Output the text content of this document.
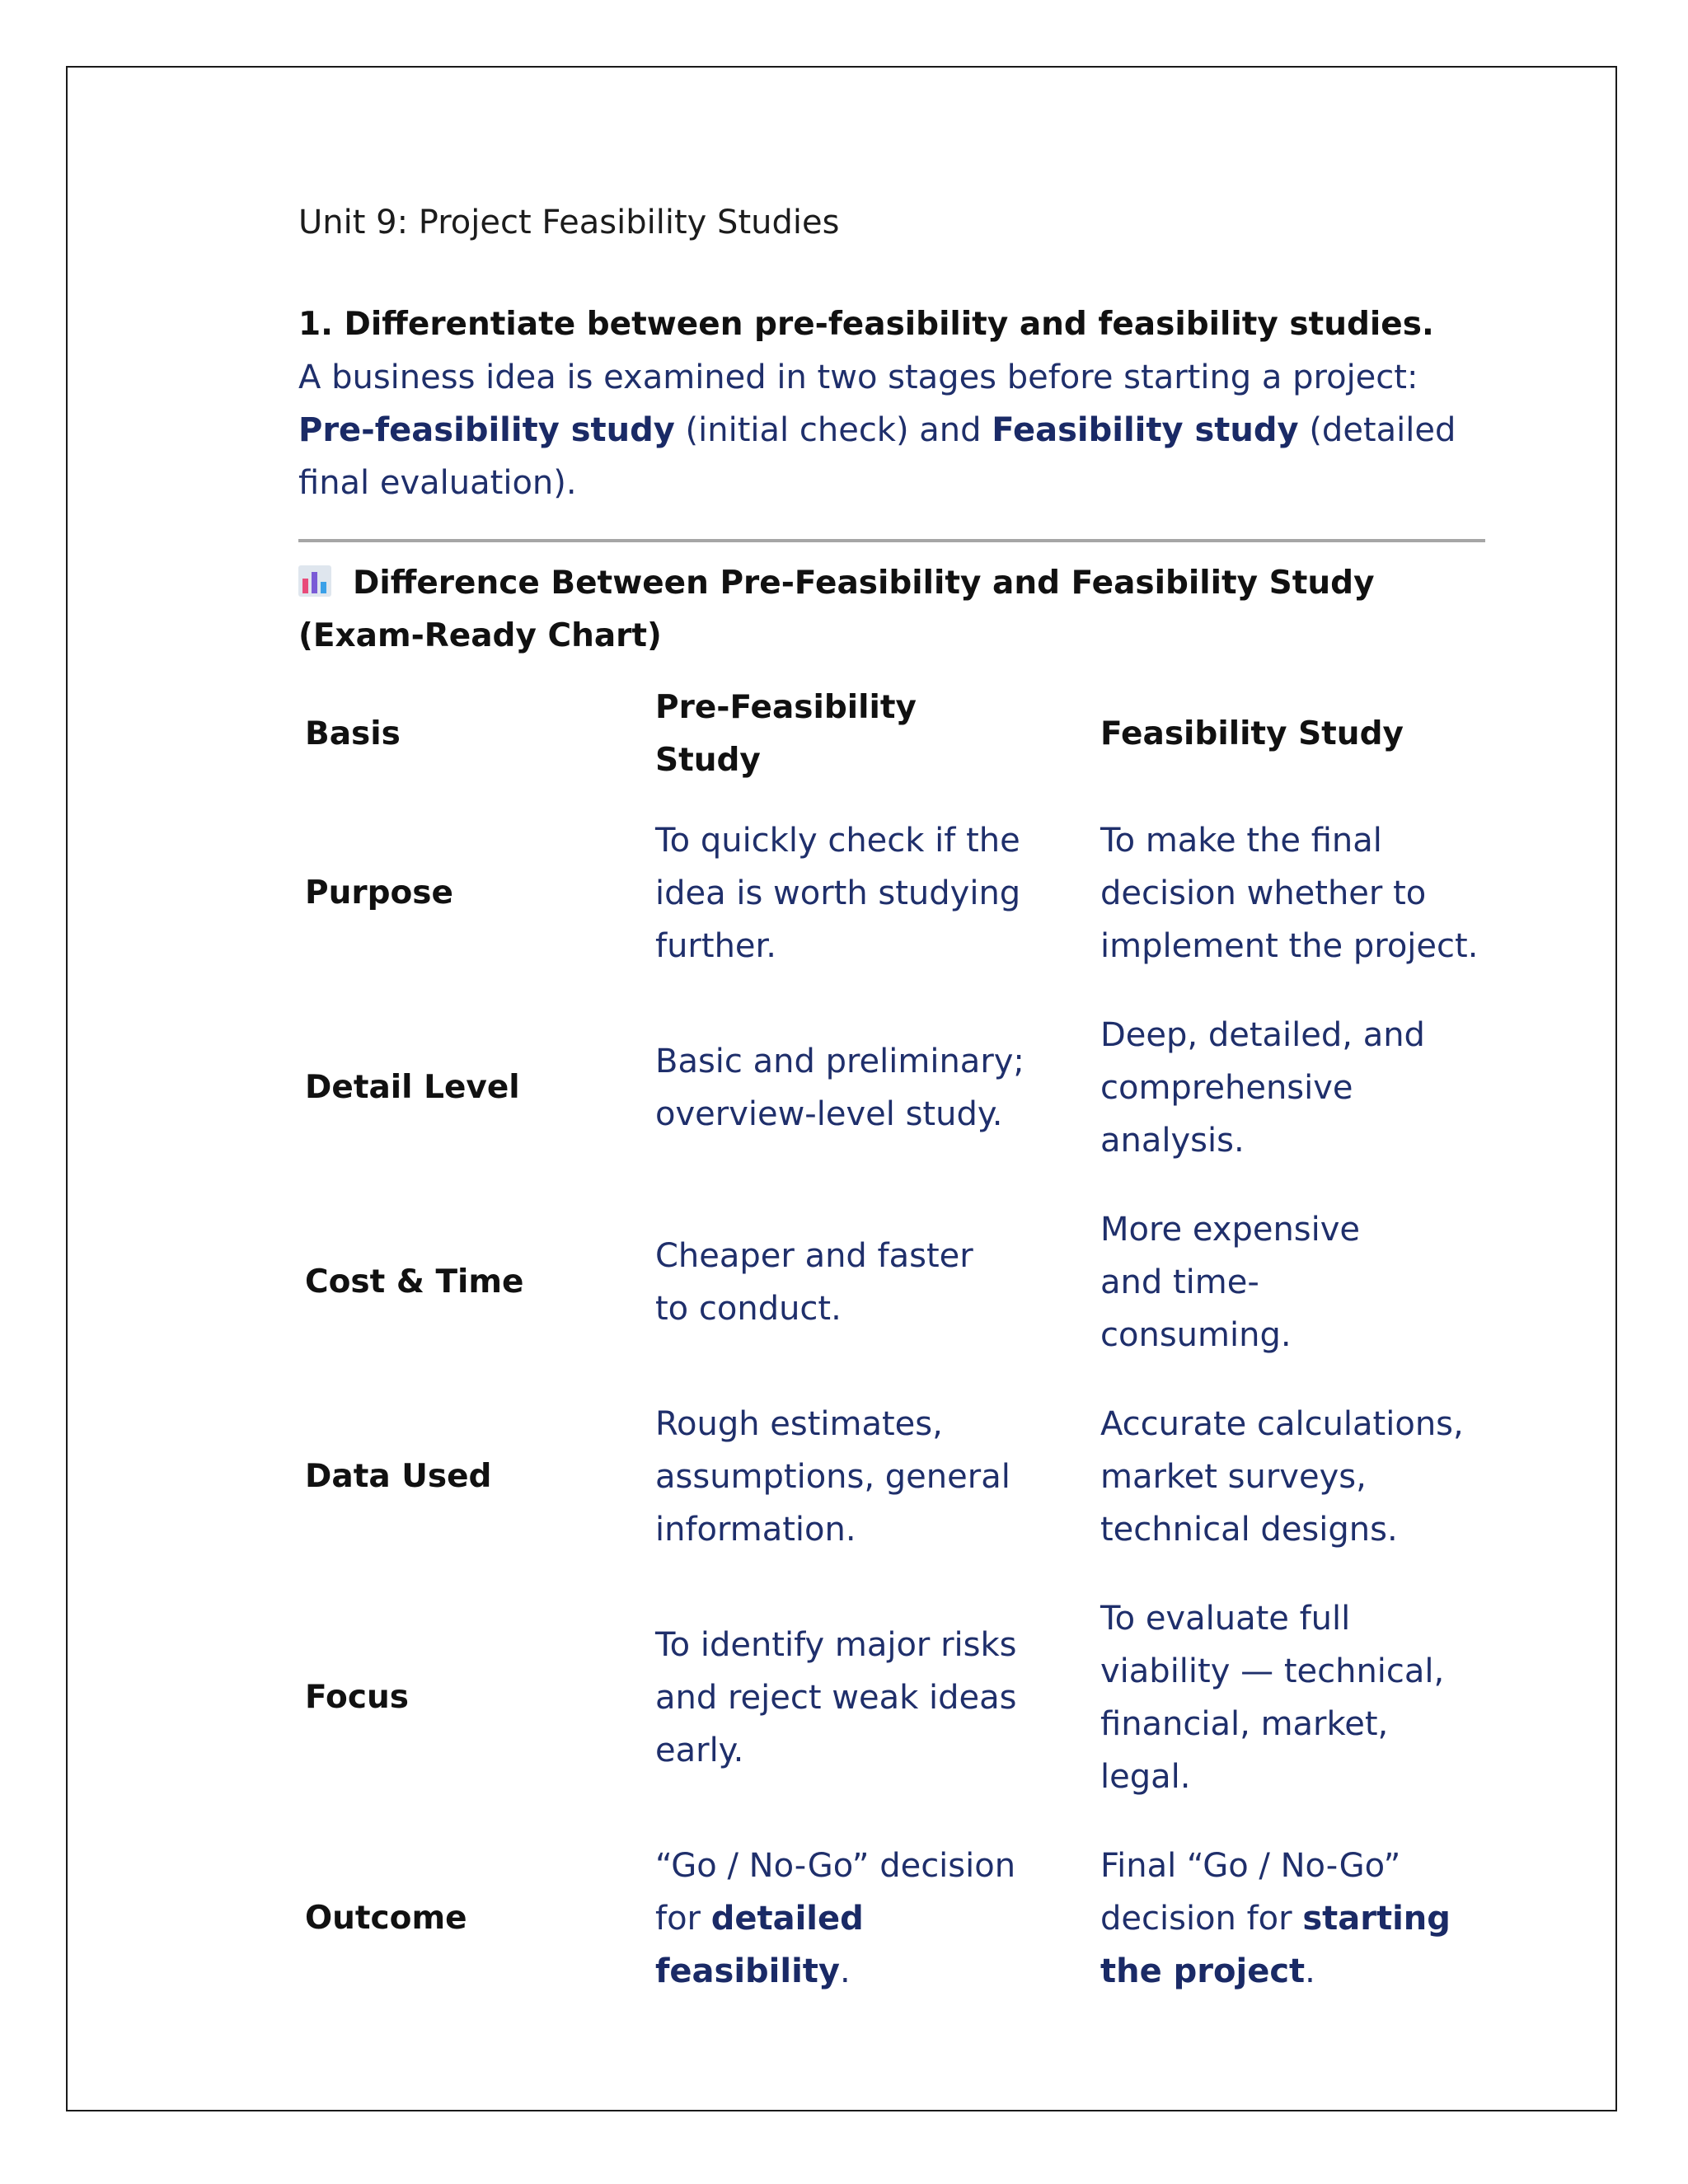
Unit 9: Project Feasibility Studies

1. Differentiate between pre-feasibility and feasibility studies.

A business idea is examined in two stages before starting a project:
Pre-feasibility study (initial check) and Feasibility study (detailed final evaluation).

Difference Between Pre-Feasibility and Feasibility Study (Exam-Ready Chart)

Basis	Pre-Feasibility Study	Feasibility Study
Purpose	To quickly check if the idea is worth studying further.	To make the final decision whether to implement the project.
Detail Level	Basic and preliminary; overview-level study.	Deep, detailed, and comprehensive analysis.
Cost & Time	Cheaper and faster to conduct.	More expensive and time-consuming.
Data Used	Rough estimates, assumptions, general information.	Accurate calculations, market surveys, technical designs.
Focus	To identify major risks and reject weak ideas early.	To evaluate full viability — technical, financial, market, legal.
Outcome	“Go / No-Go” decision for detailed feasibility.	Final “Go / No-Go” decision for starting the project.
